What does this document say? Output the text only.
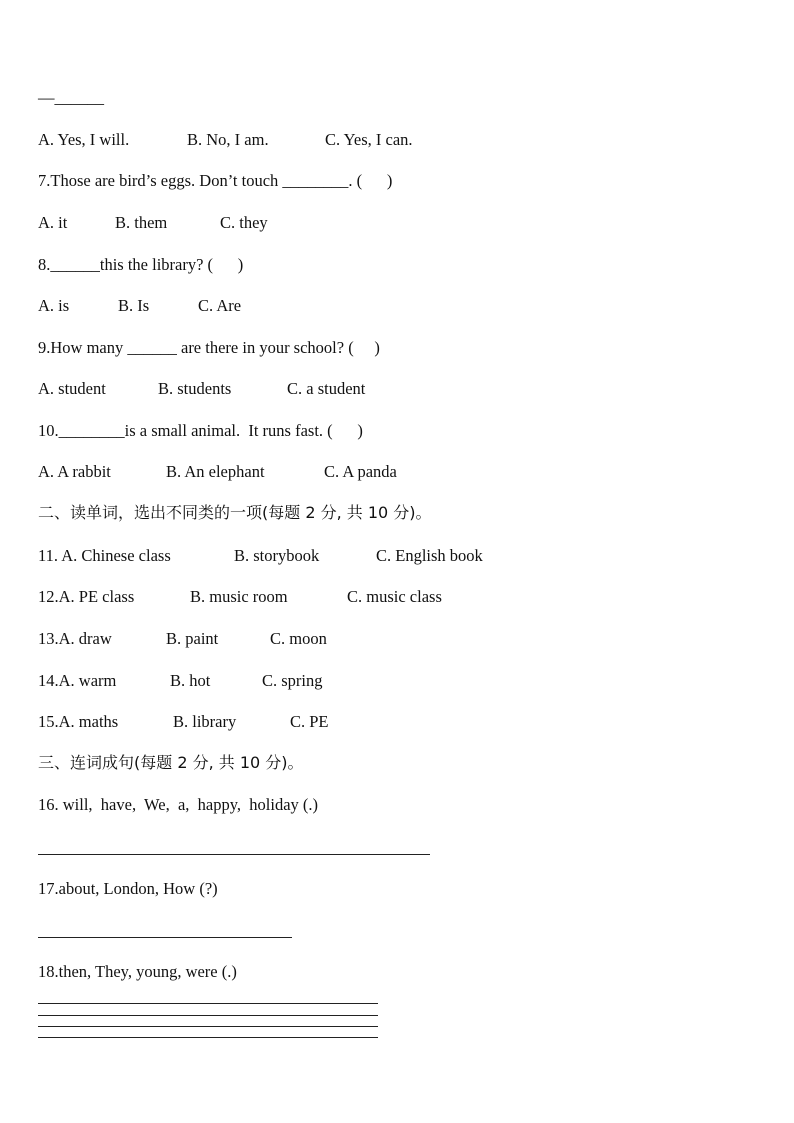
—______

A. Yes, I will.

	B. No, I am.

	C. Yes, I can.

7.Those are bird’s eggs. Don’t touch ________. (      )

A. it

	B. them

	C. they

8.______this the library? (      )

A. is

	B. Is

	C. Are

9.How many ______ are there in your school? (     )

A. student

	B. students

	C. a student

10.________is a small animal.  It runs fast. (      )

A. A rabbit

	B. An elephant

	C. A panda

二、读单词，选出不同类的一项(每题 2 分, 共 10 分)。

11. A. Chinese class

	B. storybook

	C. English book

12.A. PE class

	B. music room

	C. music class

13.A. draw

	B. paint

	C. moon

14.A. warm

	B. hot

	C. spring

15.A. maths

	B. library

	C. PE

三、连词成句(每题 2 分, 共 10 分)。
16. will,  have,  We,  a,  happy,  holiday (.)
17.about, London, How (?)
18.then, They, young, were (.)
